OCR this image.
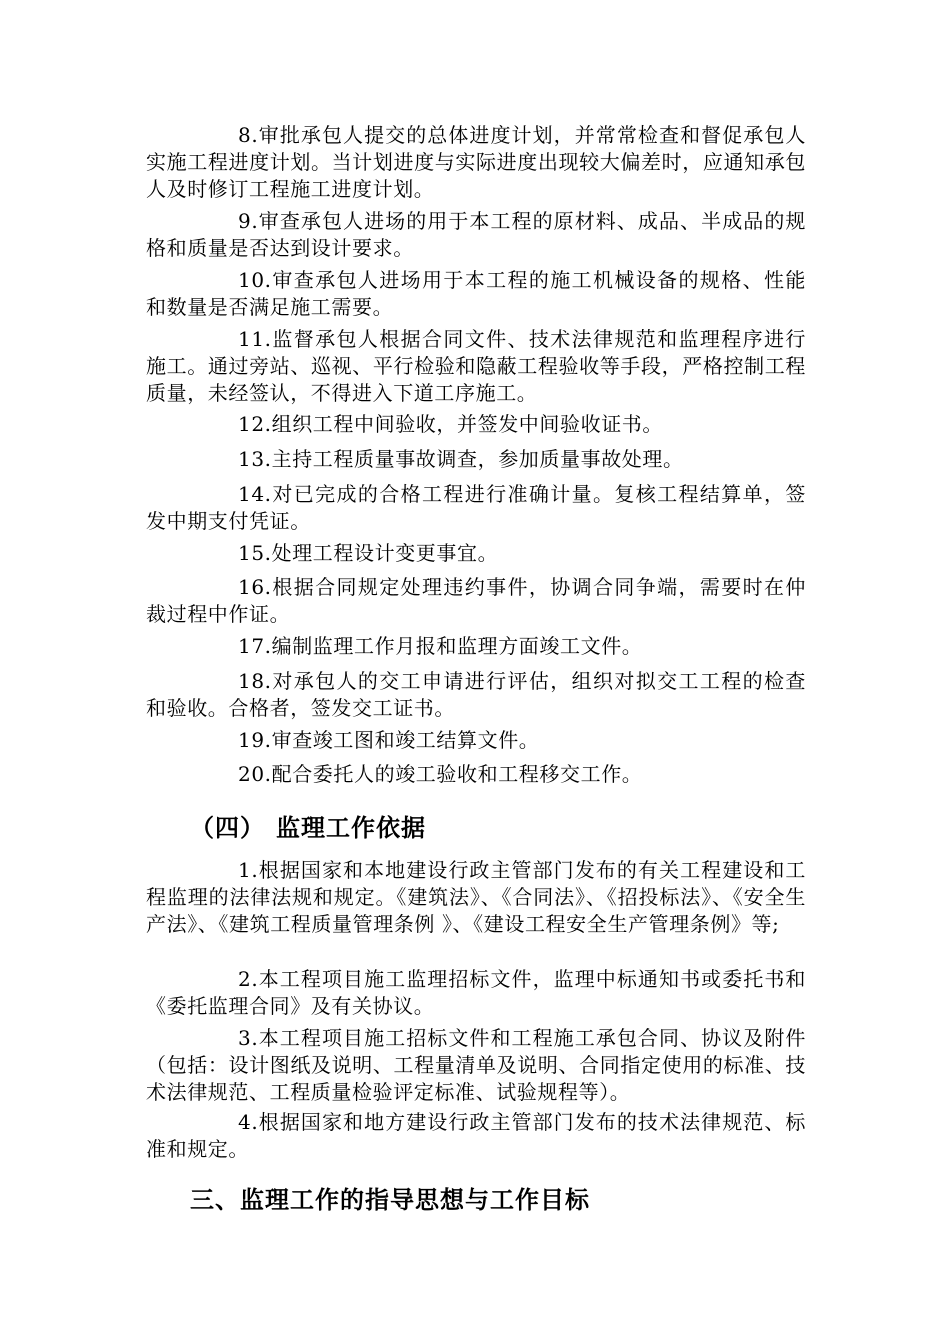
8.审批承包人提交的总体进度计划，并常常检查和督促承包人实施工程进度计划。当计划进度与实际进度出现较大偏差时，应通知承包人及时修订工程施工进度计划。

9.审查承包人进场的用于本工程的原材料、成品、半成品的规格和质量是否达到设计要求。

10.审查承包人进场用于本工程的施工机械设备的规格、性能和数量是否满足施工需要。

11.监督承包人根据合同文件、技术法律规范和监理程序进行施工。通过旁站、巡视、平行检验和隐蔽工程验收等手段，严格控制工程质量，未经签认，不得进入下道工序施工。

12.组织工程中间验收，并签发中间验收证书。

13.主持工程质量事故调查，参加质量事故处理。

14.对已完成的合格工程进行准确计量。复核工程结算单，签发中期支付凭证。

15.处理工程设计变更事宜。

16.根据合同规定处理违约事件，协调合同争端，需要时在仲裁过程中作证。

17.编制监理工作月报和监理方面竣工文件。

18.对承包人的交工申请进行评估，组织对拟交工工程的检查和验收。合格者，签发交工证书。

19.审查竣工图和竣工结算文件。

20.配合委托人的竣工验收和工程移交工作。

（四） 监理工作依据

1.根据国家和本地建设行政主管部门发布的有关工程建设和工程监理的法律法规和规定。《建筑法》、《合同法》、《招投标法》、《安全生产法》、《建筑工程质量管理条例 》、《建设工程安全生产管理条例》等;

2.本工程项目施工监理招标文件，监理中标通知书或委托书和《委托监理合同》及有关协议。

3.本工程项目施工招标文件和工程施工承包合同、协议及附件（包括：设计图纸及说明、工程量清单及说明、合同指定使用的标准、技术法律规范、工程质量检验评定标准、试验规程等）。

4.根据国家和地方建设行政主管部门发布的技术法律规范、标准和规定。

三、监理工作的指导思想与工作目标
